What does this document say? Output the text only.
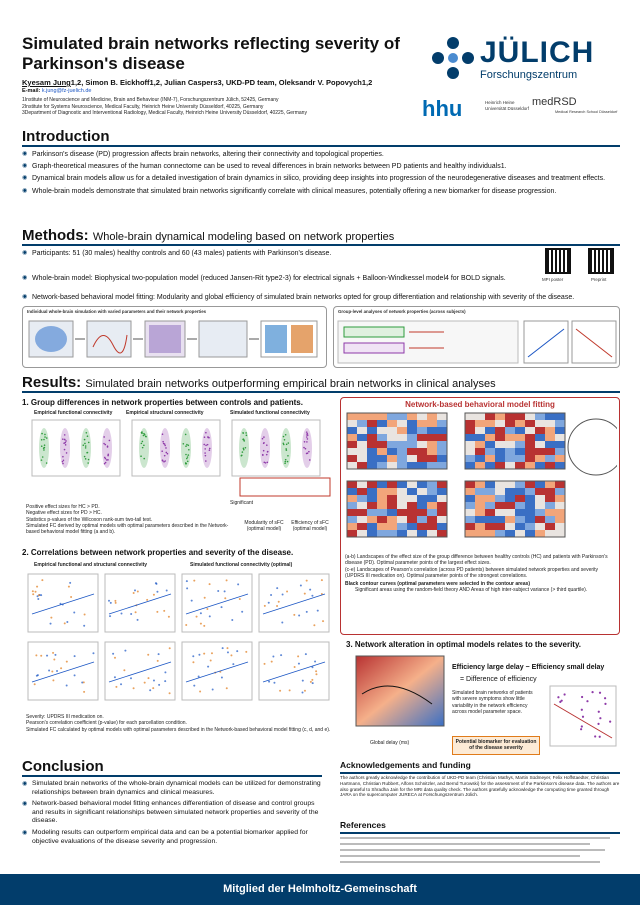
Simulated brain networks reflecting severity of Parkinson's disease
Kyesam Jung1,2, Simon B. Eickhoff1,2, Julian Caspers3, UKD-PD team, Oleksandr V. Popovych1,2
E-mail: k.jung@fz-juelich.de
1Institute of Neuroscience and Medicine, Brain and Behaviour (INM-7), Forschungszentrum Jülich, 52425, Germany
2Institute for Systems Neuroscience, Medical Faculty, Heinrich Heine University Düsseldorf, 40225, Germany
3Department of Diagnostic and Interventional Radiology, Medical Faculty, Heinrich Heine University Düsseldorf, 40225, Germany
JÜLICH
Forschungszentrum
hhu	Heinrich Heine Universität Düsseldorf medRSD
Medical Research School Düsseldorf
Introduction
◉ Parkinson's disease (PD) progression affects brain networks, altering their connectivity and topological properties.
◉ Graph-theoretical measures of the human connectome can be used to reveal differences in brain networks between PD patients and healthy individuals1.
◉ Dynamical brain models allow us for a detailed investigation of brain dynamics in silico, providing deep insights into progression of the neurodegenerative diseases and treatment effects.
◉ Whole-brain models demonstrate that simulated brain networks significantly correlate with clinical measures, potentially offering a new biomarker for disease progression.
Methods: Whole-brain dynamical modeling based on network properties
◉ Participants: 51 (30 males) healthy controls and 60 (43 males) patients with Parkinson's disease.
◉ Whole-brain model: Biophysical two-population model (reduced Jansen-Rit type2-3) for electrical signals + Balloon-Windkessel model4 for BOLD signals.
◉ Network-based behavioral model fitting: Modularity and global efficiency of simulated brain networks opted for group differentiation and relationship with severity of the disease.
MPI poster	Preprint
Individual whole-brain simulation with varied parameters and their network properties	Group-level analyses of network properties (across subjects)
Results: Simulated brain networks outperforming empirical brain networks in clinical analyses
1. Group differences in network properties between controls and patients.
Empirical functional connectivity	Empirical structural connectivity	Simulated functional connectivity
Significant
Modularity of sFC (optimal model)
Efficiency of sFC (optimal model)
Positive effect sizes for HC > PD.
Negative effect sizes for PD > HC.
Statistics p-values of the Wilcoxon rank-sum two-tail test.
Simulated FC derived by optimal models with optimal parameters described in the Network-based behavioral model fitting (a and b).
2. Correlations between network properties and severity of the disease.
Empirical functional and structural connectivity	Simulated functional connectivity (optimal)
Severity: UPDRS III medication on.
Pearson's correlation coefficient (p-value) for each parcellation condition.
Simulated FC calculated by optimal models with optimal parameters described in the Network-based behavioral model fitting (c, d, and e).
Network-based behavioral model fitting
(a-b) Landscapes of the effect size of the group difference between healthy controls (HC) and patients with Parkinson's disease (PD). Optimal parameter points of the largest effect sizes.
(c-e) Landscapes of Pearson's correlation (across PD patients) between simulated network properties and severity (UPDRS III medication on). Optimal parameter points of the strongest correlations.
Black contour curves (optimal parameters were selected in the contour areas)
Significant areas using the random-field theory AND Areas of high inter-subject variance (> third quartile).
3. Network alteration in optimal models relates to the severity.
Global delay (ms)
Efficiency large delay − Efficiency small delay
= Difference of efficiency
Simulated brain networks of patients with severe symptoms show little variability in the network efficiency across model parameter space.
Potential biomarker for evaluation of the disease severity
Conclusion
◉ Simulated brain networks of the whole-brain dynamical models can be utilized for demonstrating relationships between brain dynamics and clinical measures.
◉ Network-based behavioral model fitting enhances differentiation of disease and control groups and results in significant relationships between simulated network properties and severity of the disease.
◉ Modeling results can outperform empirical data and can be a potential biomarker applied for objective evaluations of the disease severity and progression.
Acknowledgements and funding
The authors greatly acknowledge the contribution of UKD-PD team (Christian Mathys, Martin Südmeyer, Felix Hoffstaedter, Christian Hartmann, Christian Rubbert, Alfons Schnitzler, and Bernd Turowski) for the assessment of the Parkinson's disease data. The authors are also grateful to Shradha Jain for the MRI data quality check. The authors gratefully acknowledge the computing time granted through JARA on the supercomputer JURECA at Forschungszentrum Jülich.
References
Mitglied der Helmholtz-Gemeinschaft
